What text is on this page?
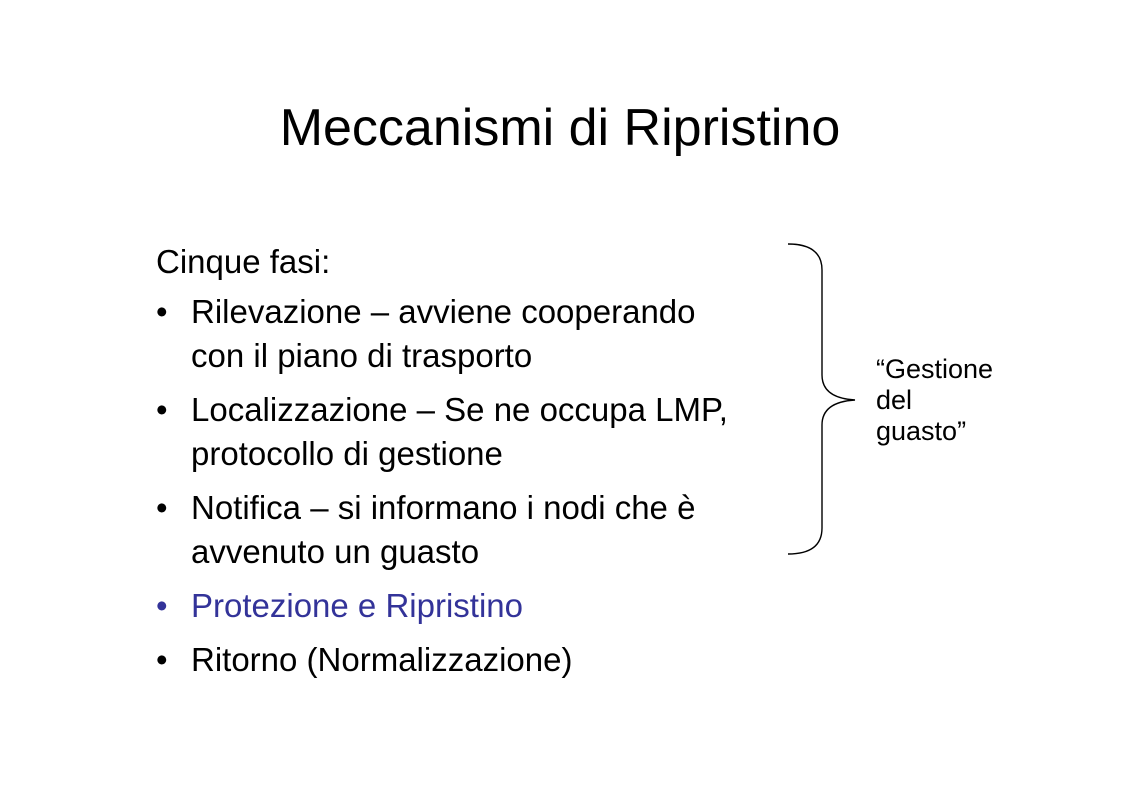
Meccanismi di Ripristino
Cinque fasi:
• Rilevazione – avviene cooperando
con il piano di trasporto
• Localizzazione – Se ne occupa LMP,
protocollo di gestione
• Notifica – si informano i nodi che è
avvenuto un guasto
• Protezione e Ripristino
• Ritorno (Normalizzazione)
“Gestione
del
guasto”
